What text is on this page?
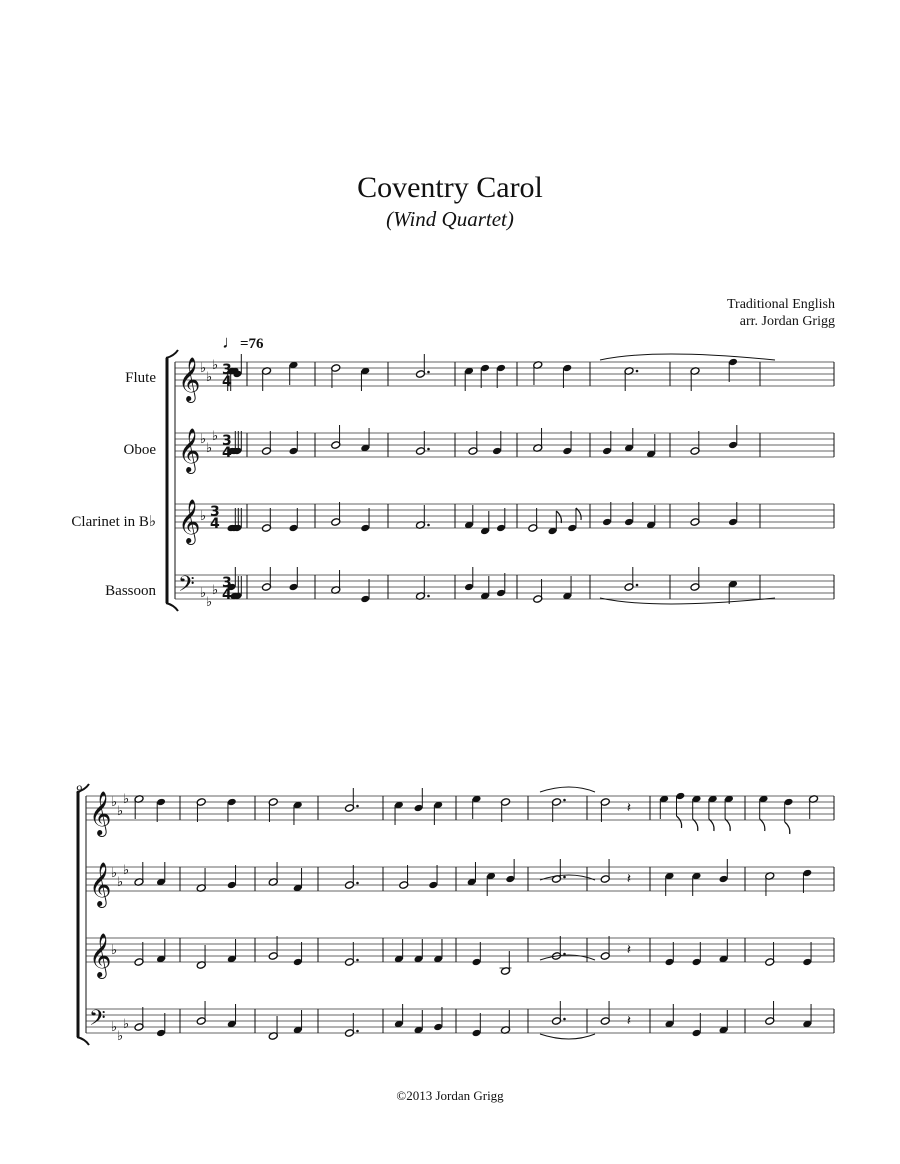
Coventry Carol
(Wind Quartet)
Traditional English
arr. Jordan Grigg
♩=76
Flute
Oboe
Clarinet in B♭
Bassoon
9
©2013 Jordan Grigg
𝄞 ♭
♭
♭ 3
4
𝄞 ♭
♭
♭ 3
4
𝄞 ♭ 3
4
𝄢 ♭
♭
♭ 3
4
𝄞 ♭
♭
♭
𝄽
𝄞 ♭
♭
♭
𝄽
𝄞 ♭	𝄽
𝄢 ♭
♭
♭	𝄽
